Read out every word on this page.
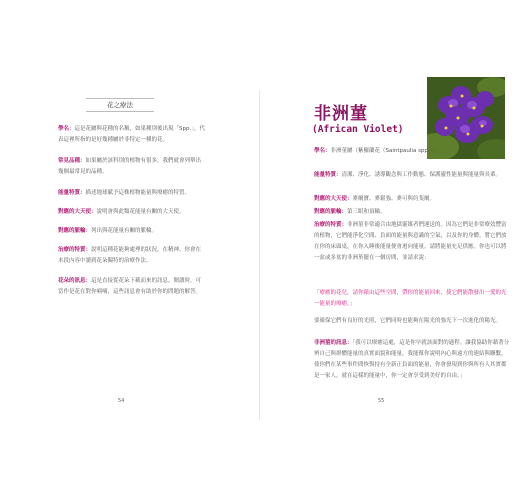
花之療法

學名：這是花屬與花種的名稱，如果種別後出現「Spp.」，代表這裡所指的是好幾種屬於非特定一種的花。

常見品種：如果屬於該科別的植物有很多，我們就會列舉出幾個最常見的品種。

能量特質：描述地球賦予這株植物能量與療癒的特質。

對應的大天使：說明會與此類花能量有關的大天使。

對應的脈輪：列出與花能量有關的脈輪。

治療的特質：說明這種花能夠處理的狀況，在精神、你會在本段內容中讀到花朵獨特的治療作法。

花朵的訊息：這是直接從花朵下載而來的訊息，閱讀時，可當作是花在對你喃喃，這些訊息會有助於你的問題的解答。

54
非洲菫
(African Violet)

學名：非洲菫屬（紫羅蘭花（Saintpaulia spp.））。

能量特質：清潔、淨化、誘導觀念與工作動態、保護靈性能量與能量與長輩。

對應的大天使：麥爾寶、麥鬆強、麥可與約斐爾。

對應的脈輪：第三眼和頂輪。

治療的特質：非洲菫非常適合由地獄靈媒者們運送的。因為它們是非常療效豐富的植物，它們能淨化空間、負面的能量與意識的空氣，以及你的身體。將它們放在你的床頭桌，在你入睡後能量便會迴向能量。請將能量充足供應。你也可以將一盆或多盆的非洲堇擺在一個房間，並請求說：

「療癒的花兒，請你藉由這些空間，帶你的能量回來，使它們能散發出一愛的光一能量的療癒。」

要確保它們有良好的光照，它們同時也能夠在陽光的強光下一次進化的陽光。

非洲菫的訊息：「我可以療癒這處，這是你早就該面對的過程。讓我協助你藉著分辨自己與群體能量的真實面貌和能量，我能幫你說明內心與遠方的連結與聯繫，使你們在某些事件間恢復持有全新正負面的能量，你會發現到你與所有人其實都是一家人，就在這樣的能量中，你一定會享受到美好的自由。」

55
